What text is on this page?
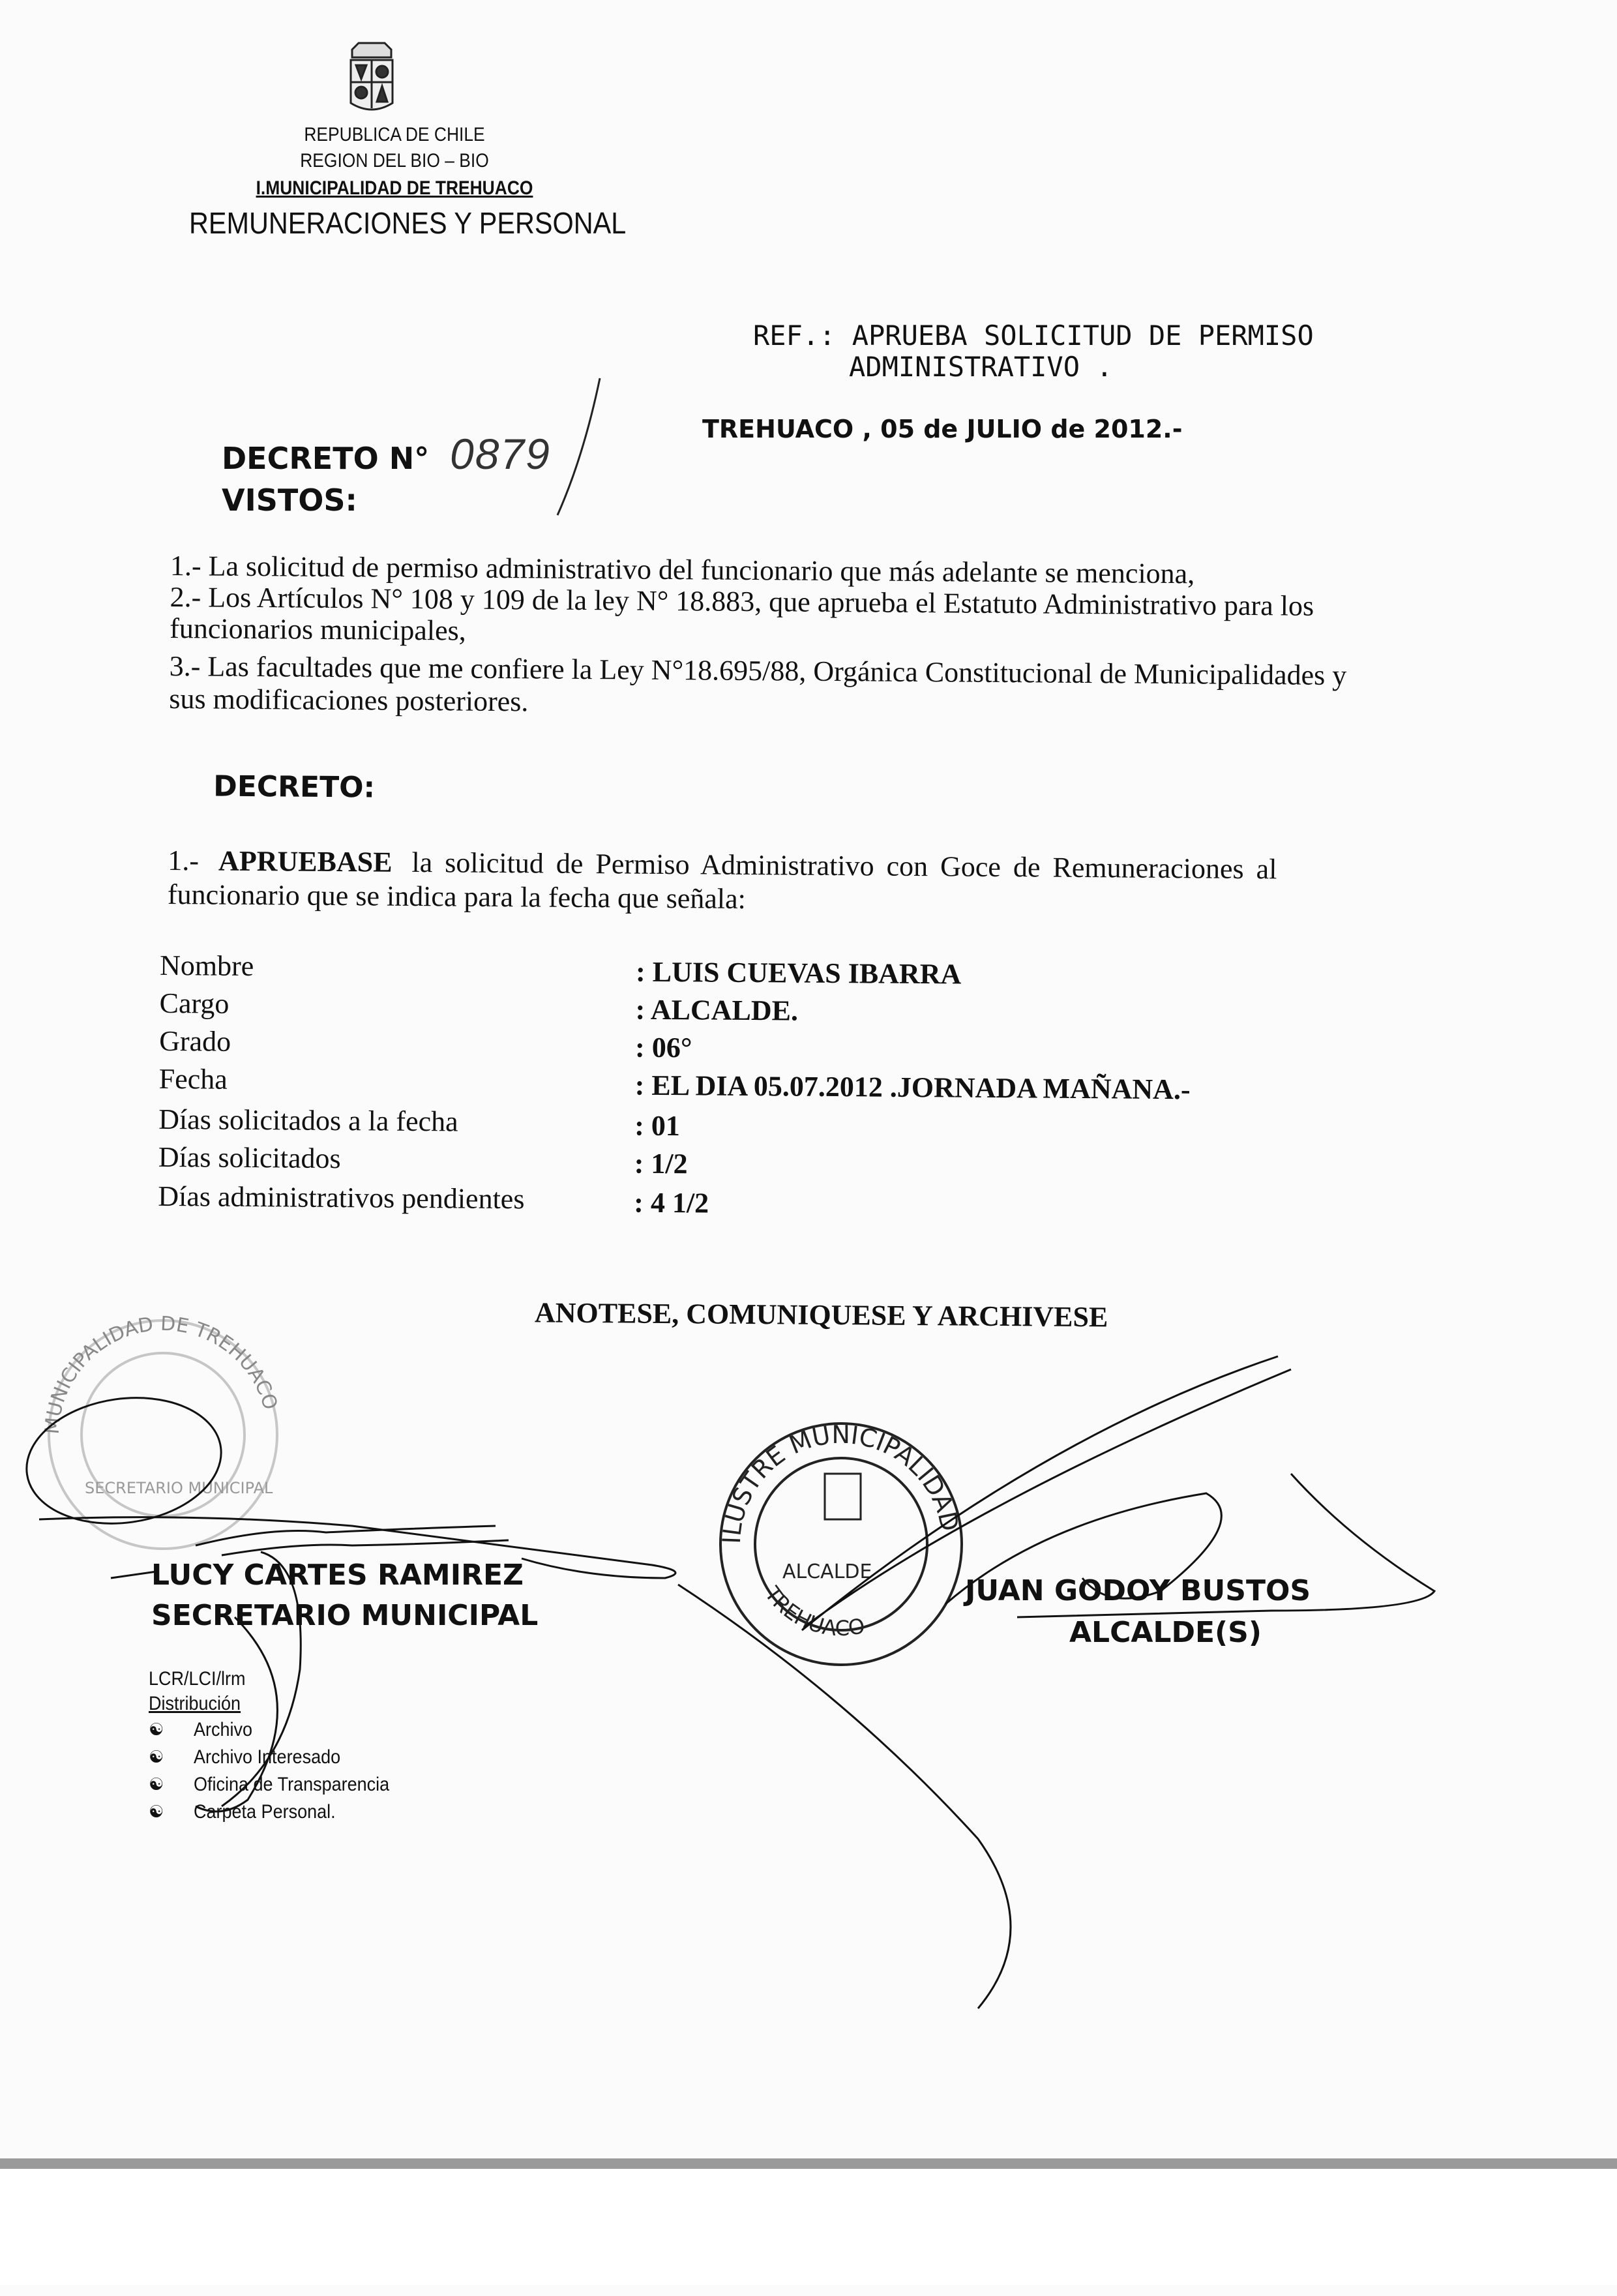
REPUBLICA DE CHILE
REGION DEL BIO – BIO
I.MUNICIPALIDAD DE TREHUACO
REMUNERACIONES Y PERSONAL
REF.: APRUEBA SOLICITUD DE PERMISO
ADMINISTRATIVO .
TREHUACO , 05 de JULIO de 2012.-
DECRETO N° 0879
VISTOS:
1.- La solicitud de permiso administrativo del funcionario que más adelante se menciona,
2.- Los Artículos N° 108 y 109 de la ley N° 18.883, que aprueba el Estatuto Administrativo para los
funcionarios municipales,
3.- Las facultades que me confiere la Ley N°18.695/88, Orgánica Constitucional de Municipalidades y
sus modificaciones posteriores.
DECRETO:
1.- APRUEBASE la solicitud de Permiso Administrativo con Goce de Remuneraciones al
funcionario que se indica para la fecha que señala:
Nombre	: LUIS CUEVAS IBARRA
Cargo	: ALCALDE.
Grado	: 06°
Fecha	: EL DIA 05.07.2012 .JORNADA MAÑANA.-
Días solicitados a la fecha	: 01
Días solicitados	: 1/2
Días administrativos pendientes	: 4 1/2
ANOTESE, COMUNIQUESE Y ARCHIVESE
MUNICIPALIDAD DE TREHUACO
SECRETARIO MUNICIPAL
ILUSTRE MUNICIPALIDAD
ALCALDE
TREHUACO
LUCY CARTES RAMIREZ
SECRETARIO MUNICIPAL
JUAN GODOY BUSTOS
ALCALDE(S)
LCR/LCI/lrm
Distribución
☯ Archivo
☯ Archivo Interesado
☯ Oficina de Transparencia
☯ Carpeta Personal.
